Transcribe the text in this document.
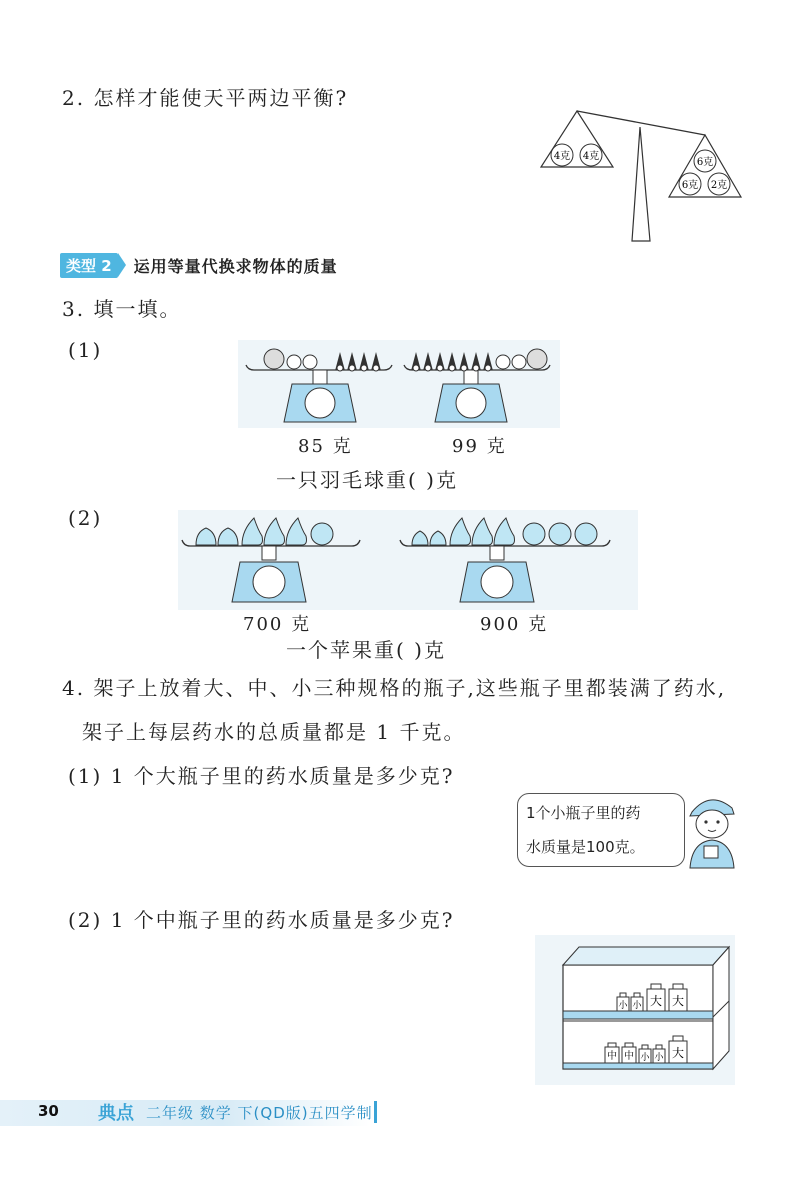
2. 怎样才能使天平两边平衡?
4克 4克
6克
6克 2克
类型 2	运用等量代换求物体的质量
3. 填一填。
(1)
85 克	99 克
一只羽毛球重( )克
(2)
700 克	900 克
一个苹果重( )克
4. 架子上放着大、中、小三种规格的瓶子,这些瓶子里都装满了药水,
架子上每层药水的总质量都是 1 千克。
(1) 1 个大瓶子里的药水质量是多少克?
1个小瓶子里的药
水质量是100克。
(2) 1 个中瓶子里的药水质量是多少克?
小 小 大 大
中 中 小 小 大
30 典点 二年级 数学 下(QD版)五四学制
